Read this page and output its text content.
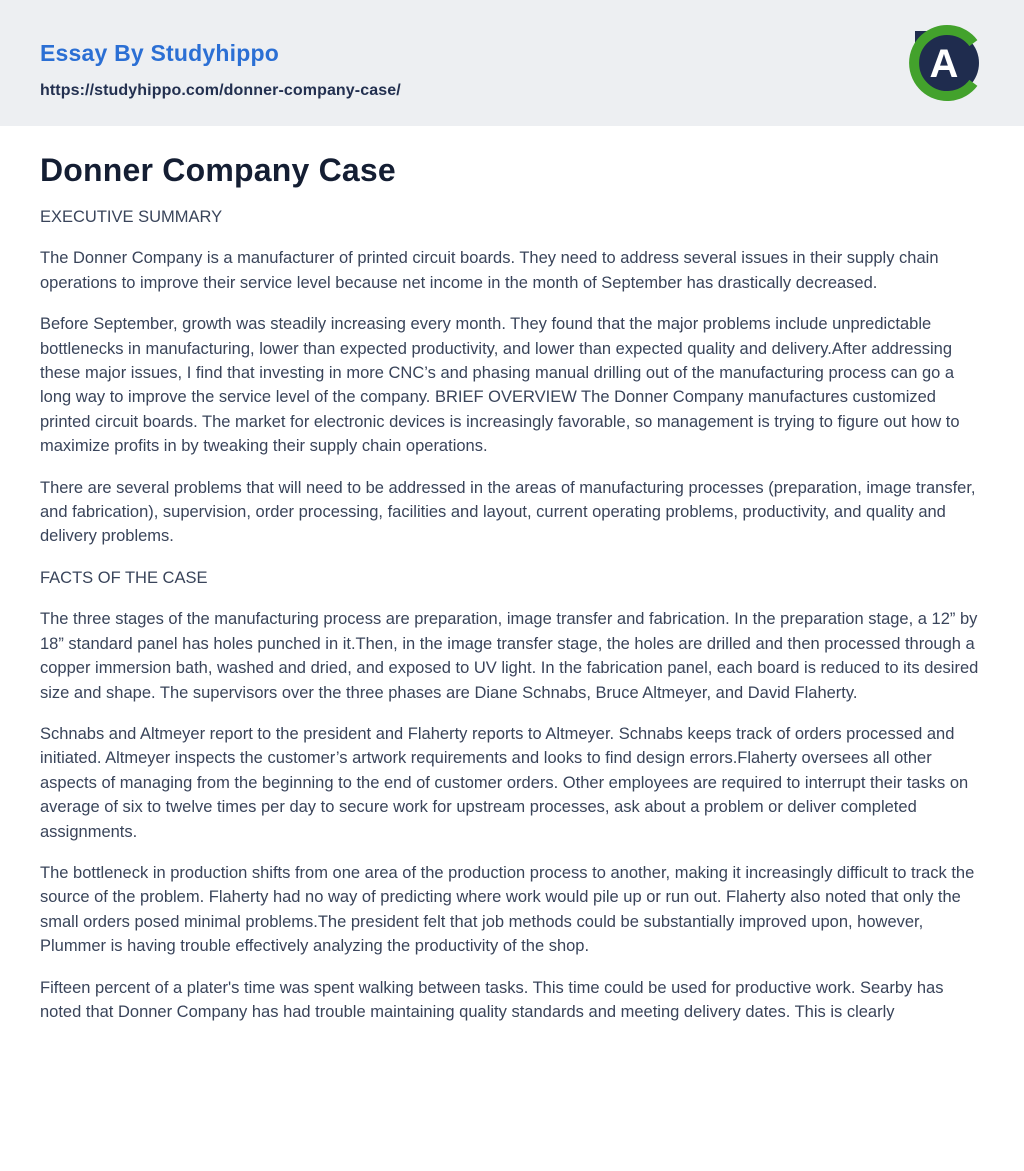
Essay By Studyhippo
https://studyhippo.com/donner-company-case/
A
Donner Company Case

EXECUTIVE SUMMARY

The Donner Company is a manufacturer of printed circuit boards. They need to address several issues in their supply chain operations to improve their service level because net income in the month of September has drastically decreased.

Before September, growth was steadily increasing every month. They found that the major problems include unpredictable bottlenecks in manufacturing, lower than expected productivity, and lower than expected quality and delivery.After addressing these major issues, I find that investing in more CNC’s and phasing manual drilling out of the manufacturing process can go a long way to improve the service level of the company. BRIEF OVERVIEW The Donner Company manufactures customized printed circuit boards. The market for electronic devices is increasingly favorable, so management is trying to figure out how to maximize profits in by tweaking their supply chain operations.

There are several problems that will need to be addressed in the areas of manufacturing processes (preparation, image transfer, and fabrication), supervision, order processing, facilities and layout, current operating problems, productivity, and quality and delivery problems.

FACTS OF THE CASE

The three stages of the manufacturing process are preparation, image transfer and fabrication. In the preparation stage, a 12” by 18” standard panel has holes punched in it.Then, in the image transfer stage, the holes are drilled and then processed through a copper immersion bath, washed and dried, and exposed to UV light. In the fabrication panel, each board is reduced to its desired size and shape. The supervisors over the three phases are Diane Schnabs, Bruce Altmeyer, and David Flaherty.

Schnabs and Altmeyer report to the president and Flaherty reports to Altmeyer. Schnabs keeps track of orders processed and initiated. Altmeyer inspects the customer’s artwork requirements and looks to find design errors.Flaherty oversees all other aspects of managing from the beginning to the end of customer orders. Other employees are required to interrupt their tasks on average of six to twelve times per day to secure work for upstream processes, ask about a problem or deliver completed assignments.

The bottleneck in production shifts from one area of the production process to another, making it increasingly difficult to track the source of the problem. Flaherty had no way of predicting where work would pile up or run out. Flaherty also noted that only the small orders posed minimal problems.The president felt that job methods could be substantially improved upon, however, Plummer is having trouble effectively analyzing the productivity of the shop.

Fifteen percent of a plater's time was spent walking between tasks. This time could be used for productive work. Searby has noted that Donner Company has had trouble maintaining quality standards and meeting delivery dates. This is clearly
